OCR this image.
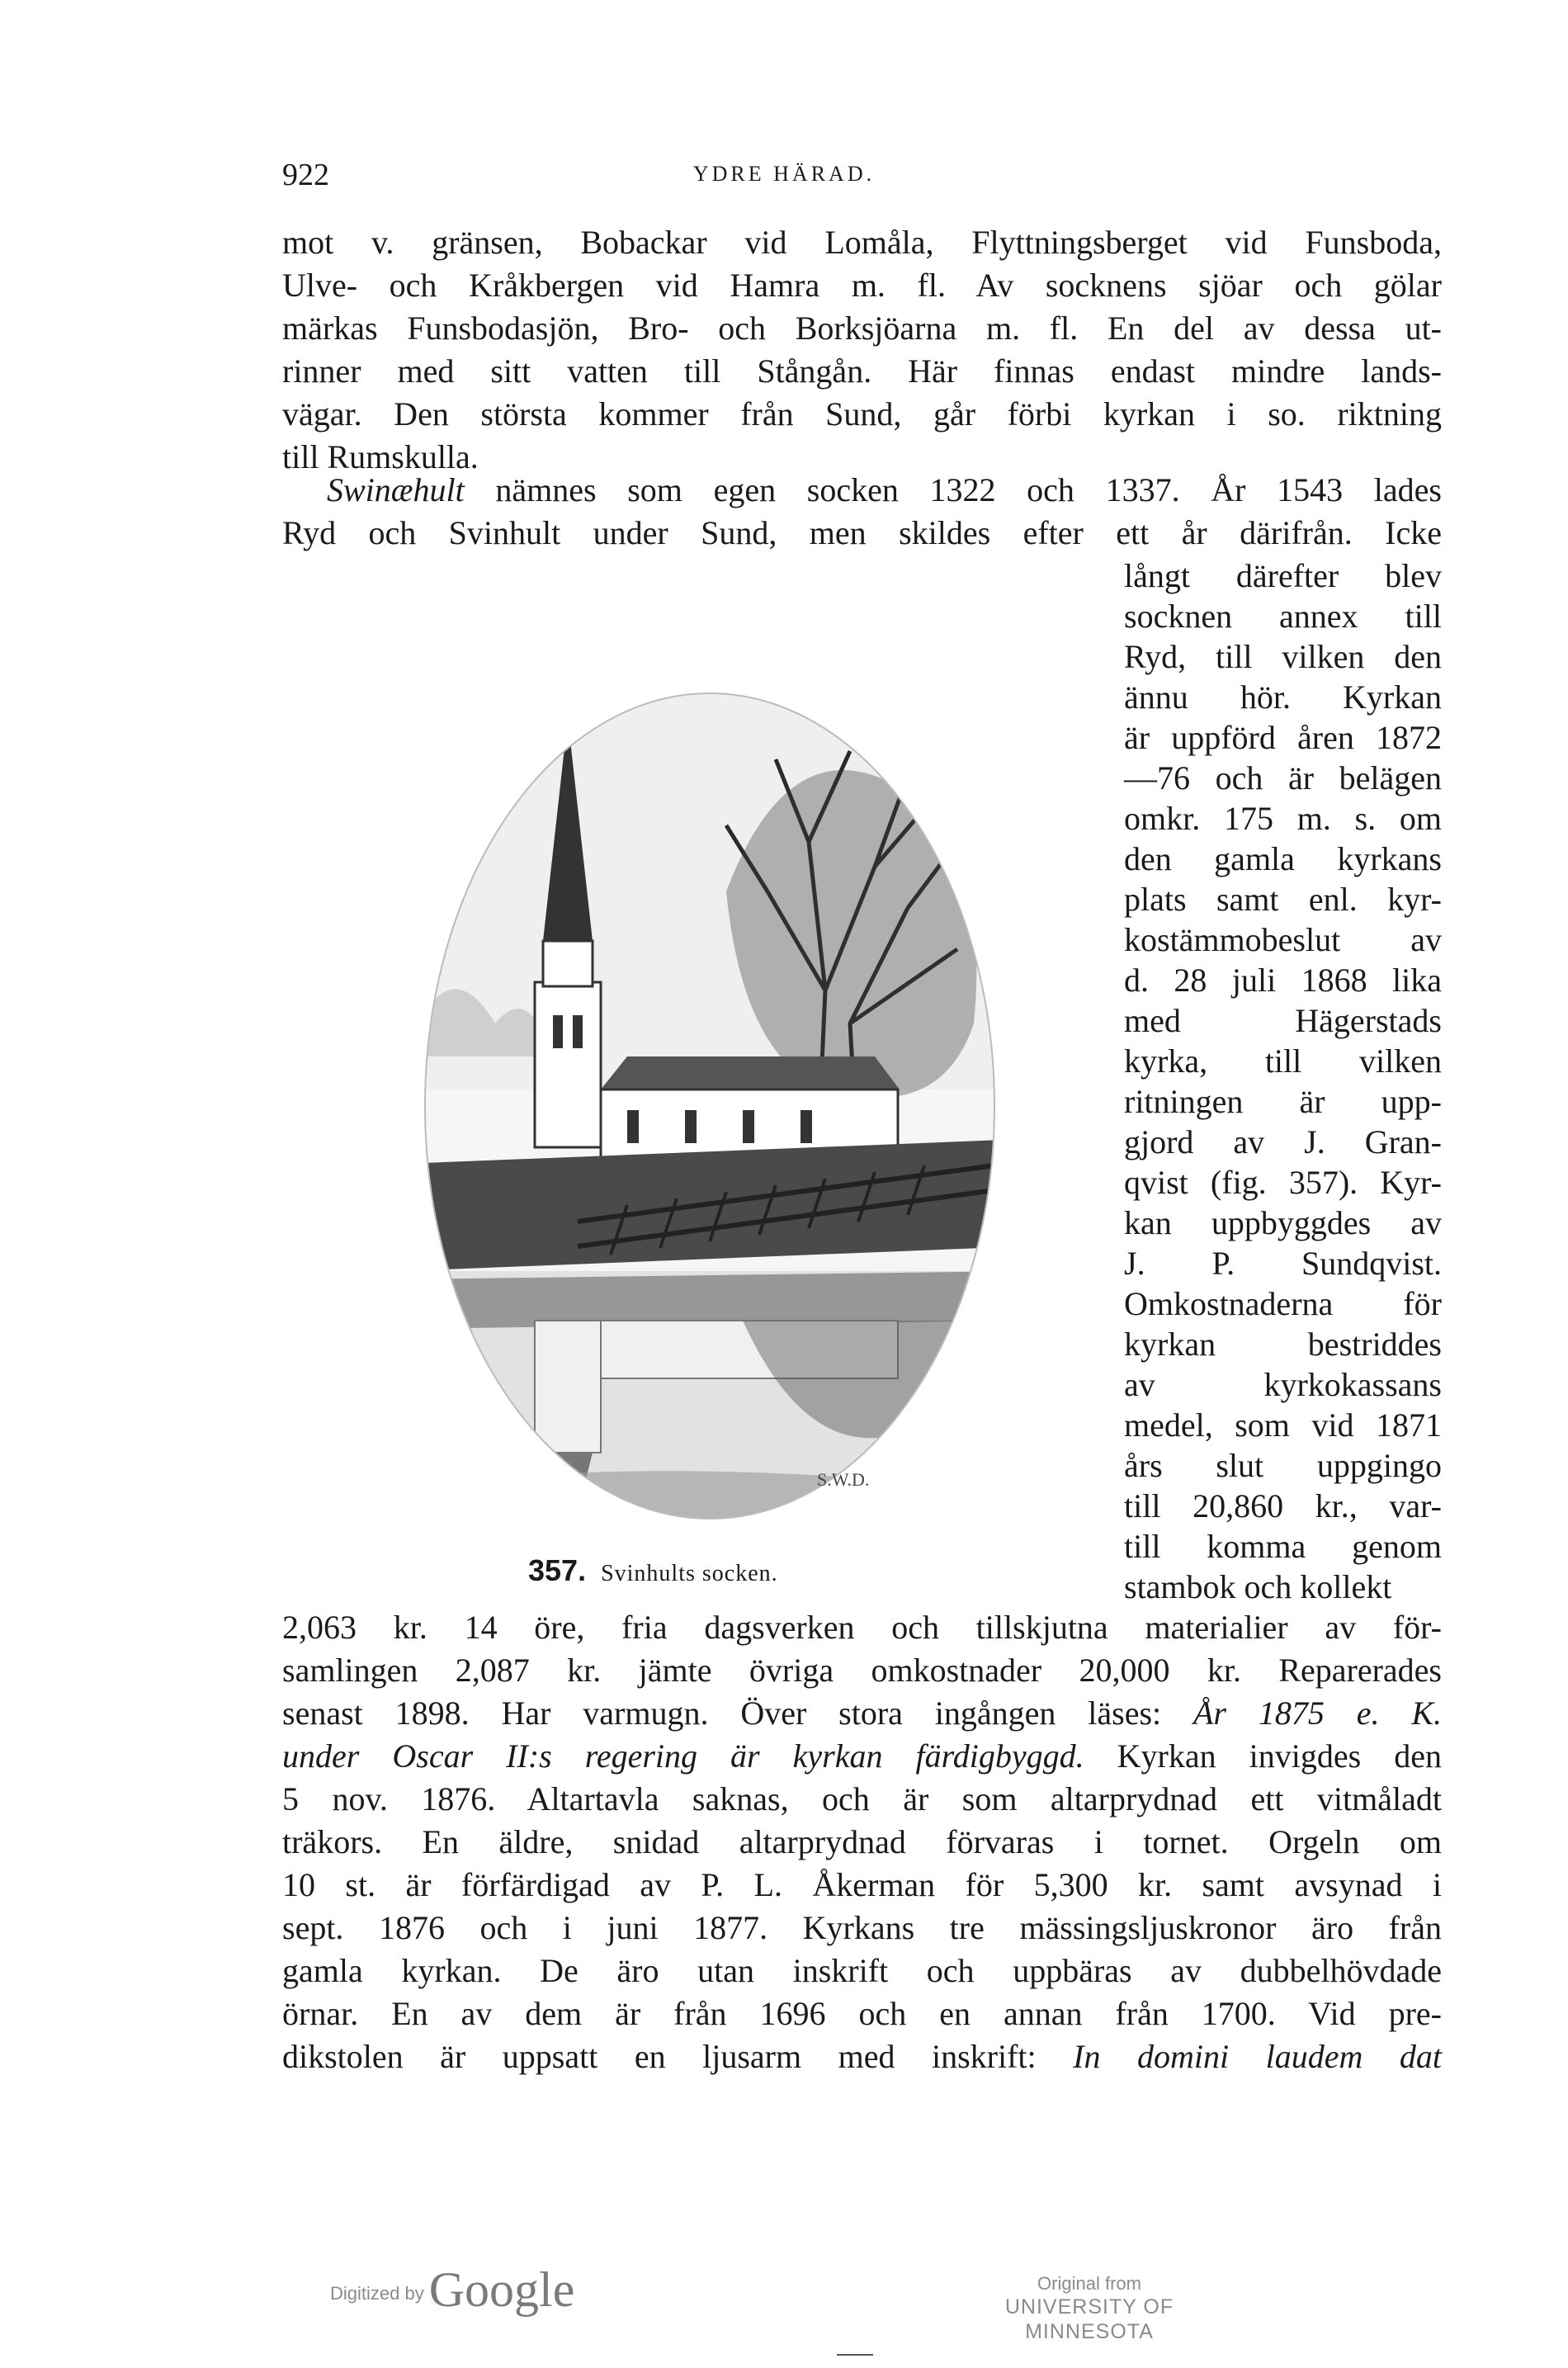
922	YDRE HÄRAD.
mot v. gränsen, Bobackar vid Lomåla, Flyttningsberget vid Funsboda,
Ulve- och Kråkbergen vid Hamra m. fl. Av socknens sjöar och gölar
märkas Funsbodasjön, Bro- och Borksjöarna m. fl. En del av dessa ut-
rinner med sitt vatten till Stångån. Här finnas endast mindre lands-
vägar. Den största kommer från Sund, går förbi kyrkan i so. riktning
till Rumskulla.
Swinæhult nämnes som egen socken 1322 och 1337. År 1543 lades
Ryd och Svinhult under Sund, men skildes efter ett år därifrån. Icke
långt därefter blev
socknen annex till
Ryd, till vilken den
ännu hör. Kyrkan
är uppförd åren 1872
—76 och är belägen
omkr. 175 m. s. om
den gamla kyrkans
plats samt enl. kyr-
kostämmobeslut av
d. 28 juli 1868 lika
med Hägerstads
kyrka, till vilken
ritningen är upp-
gjord av J. Gran-
qvist (fig. 357). Kyr-
kan uppbyggdes av
J. P. Sundqvist.
Omkostnaderna för
kyrkan bestriddes
av kyrkokassans
medel, som vid 1871
års slut uppgingo
till 20,860 kr., var-
till komma genom
stambok och kollekt
S.W.D.
357. Svinhults socken.
2,063 kr. 14 öre, fria dagsverken och tillskjutna materialier av för-
samlingen 2,087 kr. jämte övriga omkostnader 20,000 kr. Reparerades
senast 1898. Har varmugn. Över stora ingången läses: År 1875 e. K.
under Oscar II:s regering är kyrkan färdigbyggd. Kyrkan invigdes den
5 nov. 1876. Altartavla saknas, och är som altarprydnad ett vitmåladt
träkors. En äldre, snidad altarprydnad förvaras i tornet. Orgeln om
10 st. är förfärdigad av P. L. Åkerman för 5,300 kr. samt avsynad i
sept. 1876 och i juni 1877. Kyrkans tre mässingsljuskronor äro från
gamla kyrkan. De äro utan inskrift och uppbäras av dubbelhövdade
örnar. En av dem är från 1696 och en annan från 1700. Vid pre-
dikstolen är uppsatt en ljusarm med inskrift: In domini laudem dat
Digitized by Google	Original from
UNIVERSITY OF MINNESOTA
